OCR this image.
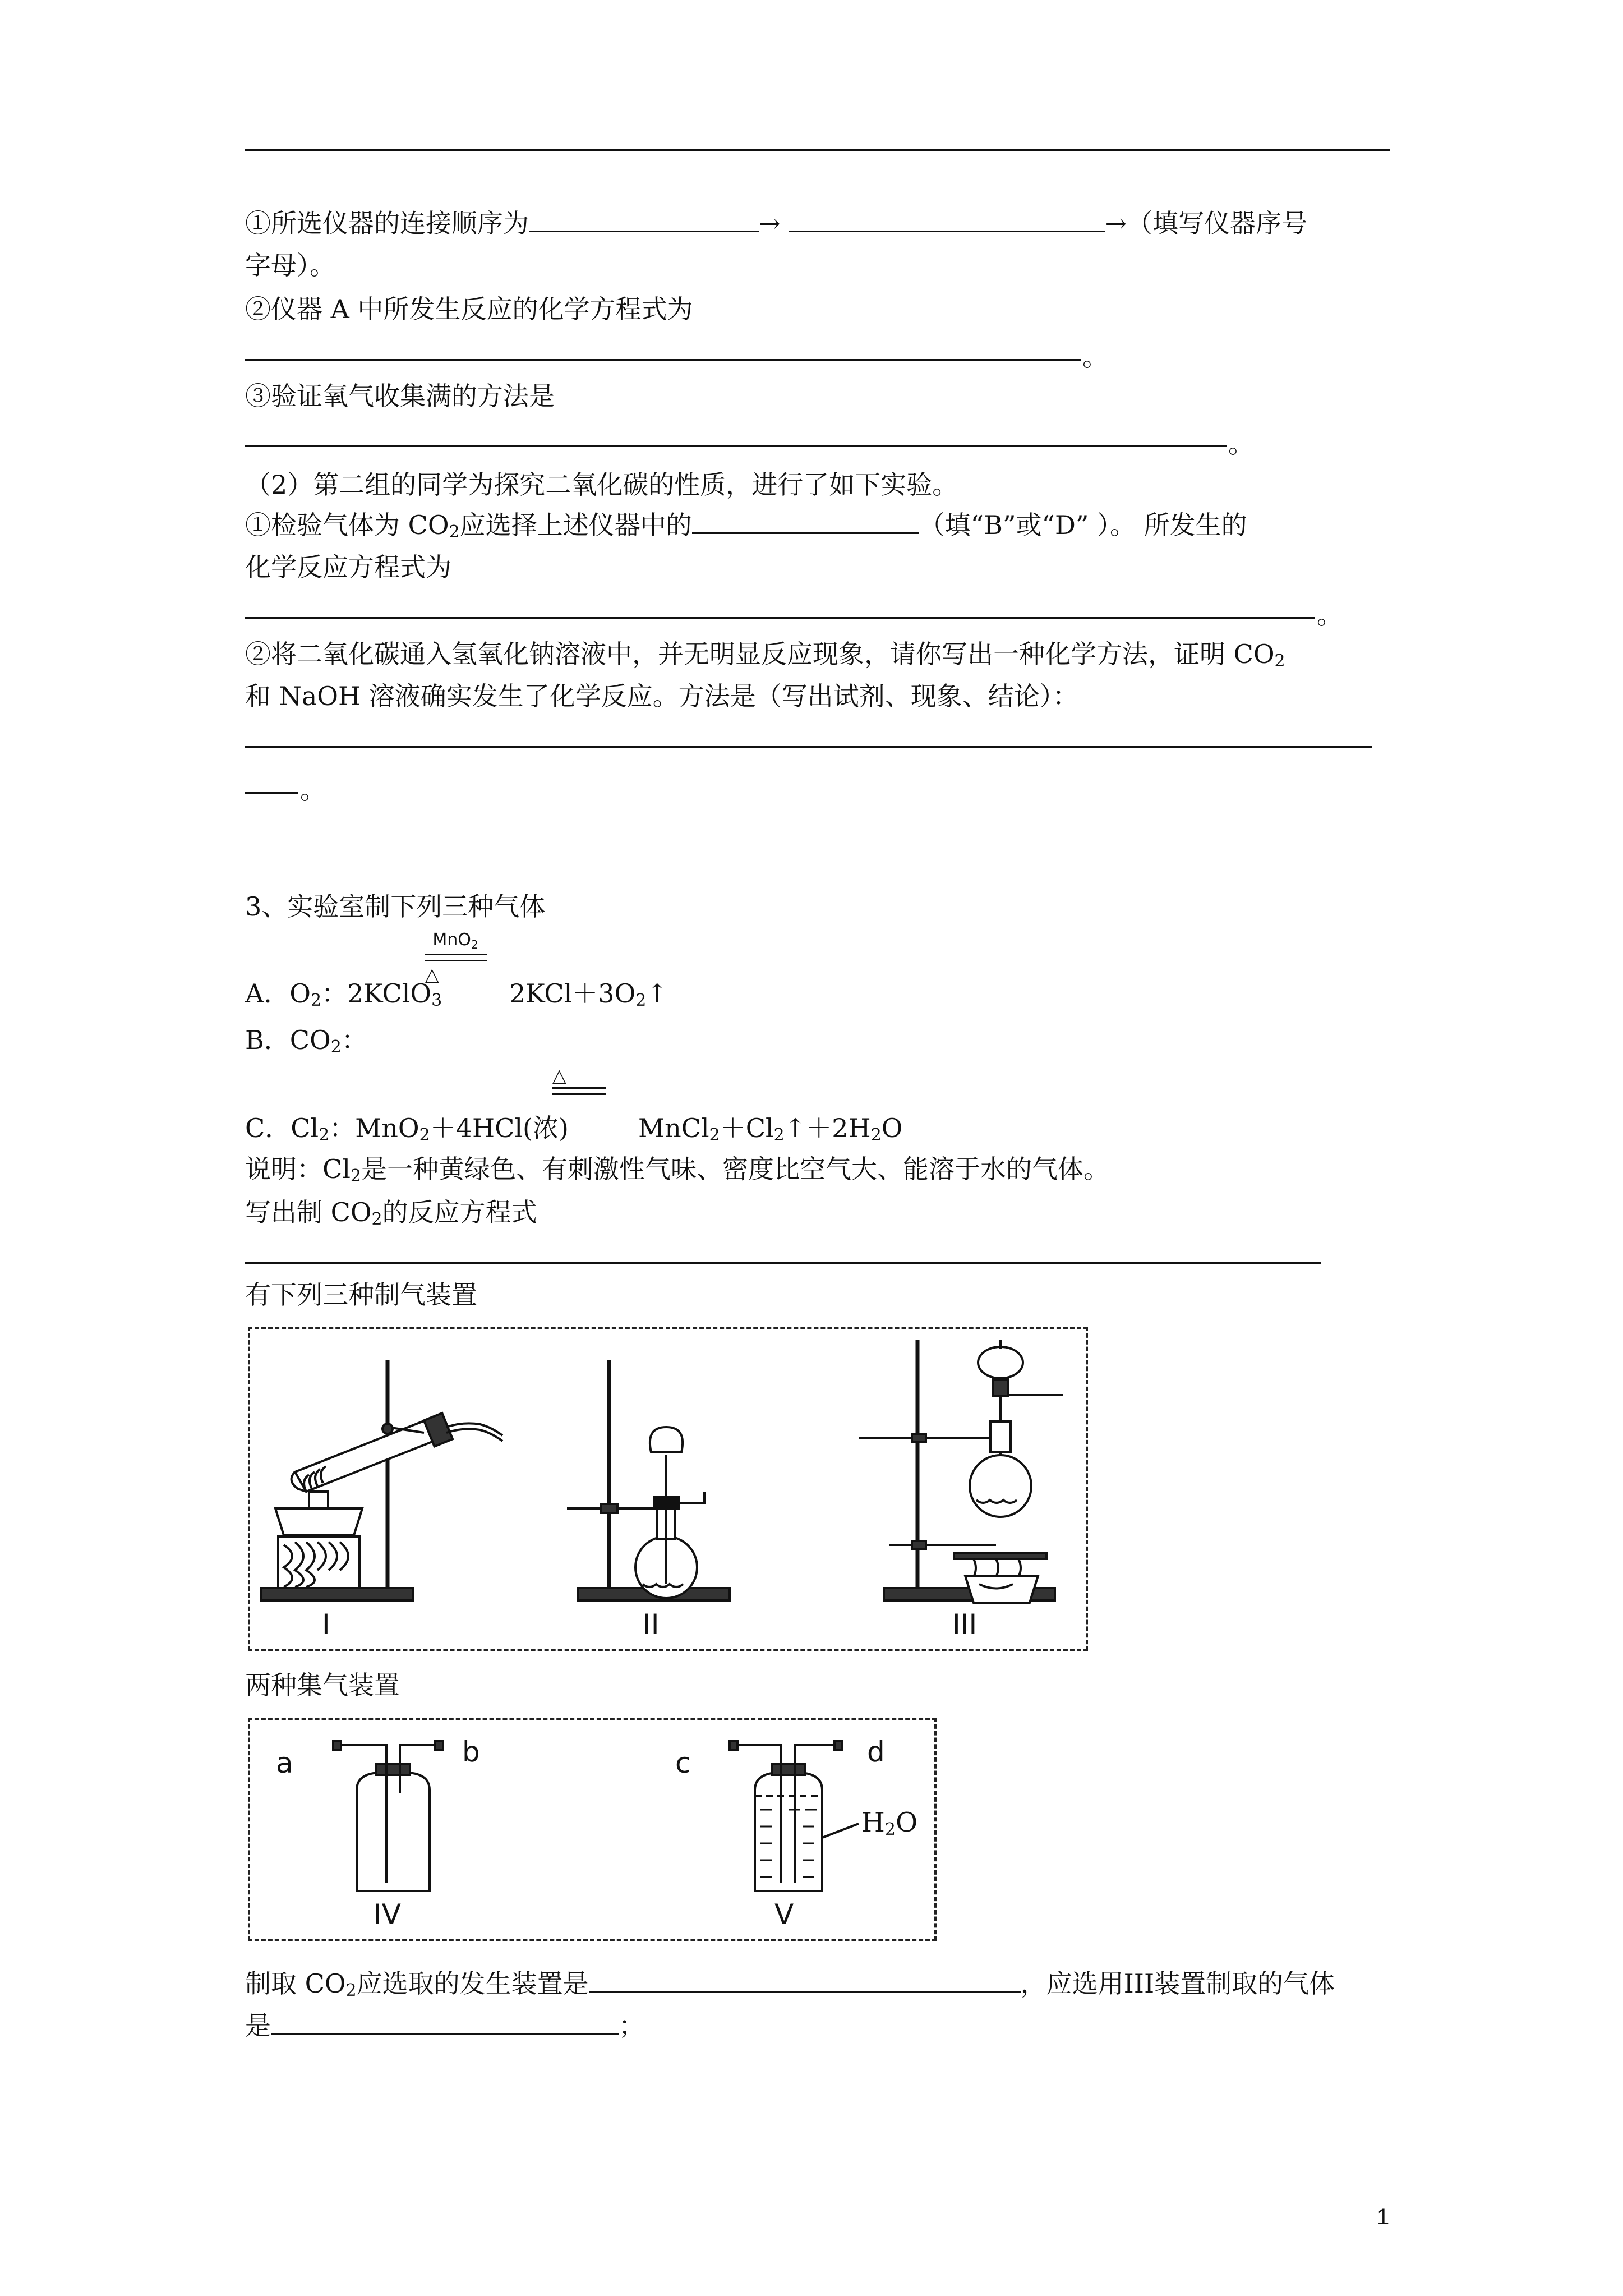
①所选仪器的连接顺序为	→	→（填写仪器序号
字母）。
②仪器 A 中所发生反应的化学方程式为
。
③验证氧气收集满的方法是
。
（2）第二组的同学为探究二氧化碳的性质，进行了如下实验。
①检验气体为 $CO_2$应选择上述仪器中的	（填“B”或“D” ）。 所发生的
化学反应方程式为
。
②将二氧化碳通入氢氧化钠溶液中，并无明显反应现象，请你写出一种化学方法，证明 $CO_2$
和 NaOH 溶液确实发生了化学反应。方法是（写出试剂、现象、结论）：
。
3、实验室制下列三种气体
MnO$_2$
A．$O_2$：2KClO$_3$
△
$2KCl+3O_2↑$
B．$CO_2$：
△
C．$Cl_2$：MnO$_2$＋4HCl(浓)	$MnCl_2+Cl_2↑+2H_2O$
说明：$Cl_2$是一种黄绿色、有刺激性气味、密度比空气大、能溶于水的气体。
写出制 $CO_2$的反应方程式
有下列三种制气装置
I	II	III
两种集气装置
a	b	c	d
$H_2O$
IV	V
制取 $CO_2$应选取的发生装置是	，应选用III装置制取的气体
是	；
1
